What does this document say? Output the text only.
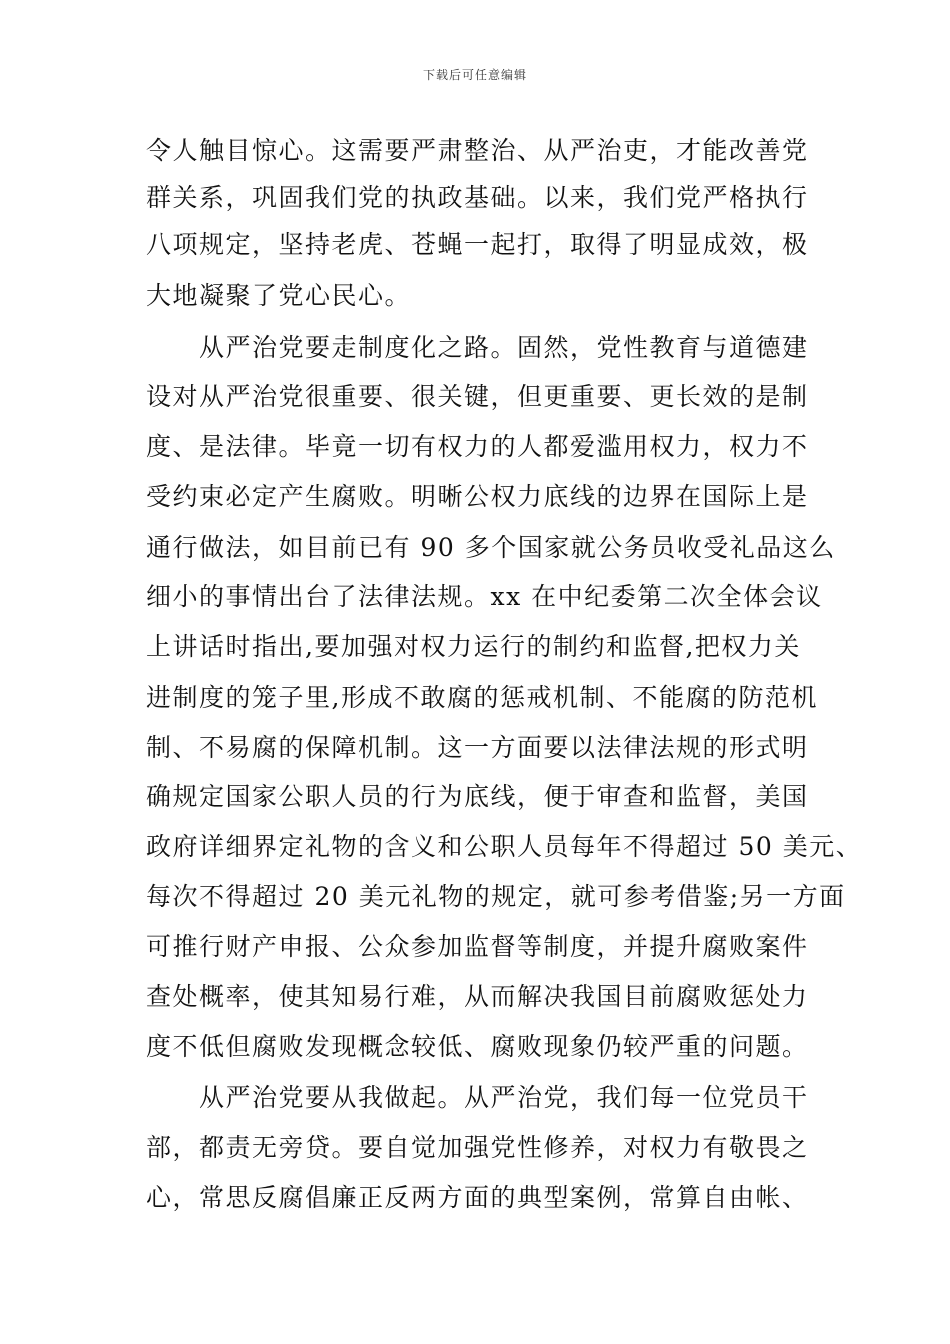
下载后可任意编辑
令人触目惊心。这需要严肃整治、从严治吏，才能改善党
群关系，巩固我们党的执政基础。以来，我们党严格执行
八项规定，坚持老虎、苍蝇一起打，取得了明显成效，极
大地凝聚了党心民心。
　　从严治党要走制度化之路。固然，党性教育与道德建
设对从严治党很重要、很关键，但更重要、更长效的是制
度、是法律。毕竟一切有权力的人都爱滥用权力，权力不
受约束必定产生腐败。明晰公权力底线的边界在国际上是
通行做法，如目前已有 90 多个国家就公务员收受礼品这么
细小的事情出台了法律法规。xx 在中纪委第二次全体会议
上讲话时指出,要加强对权力运行的制约和监督,把权力关
进制度的笼子里,形成不敢腐的惩戒机制、不能腐的防范机
制、不易腐的保障机制。这一方面要以法律法规的形式明
确规定国家公职人员的行为底线，便于审查和监督，美国
政府详细界定礼物的含义和公职人员每年不得超过 50 美元、
每次不得超过 20 美元礼物的规定，就可参考借鉴;另一方面
可推行财产申报、公众参加监督等制度，并提升腐败案件
查处概率，使其知易行难，从而解决我国目前腐败惩处力
度不低但腐败发现概念较低、腐败现象仍较严重的问题。
　　从严治党要从我做起。从严治党，我们每一位党员干
部，都责无旁贷。要自觉加强党性修养，对权力有敬畏之
心，常思反腐倡廉正反两方面的典型案例，常算自由帐、
